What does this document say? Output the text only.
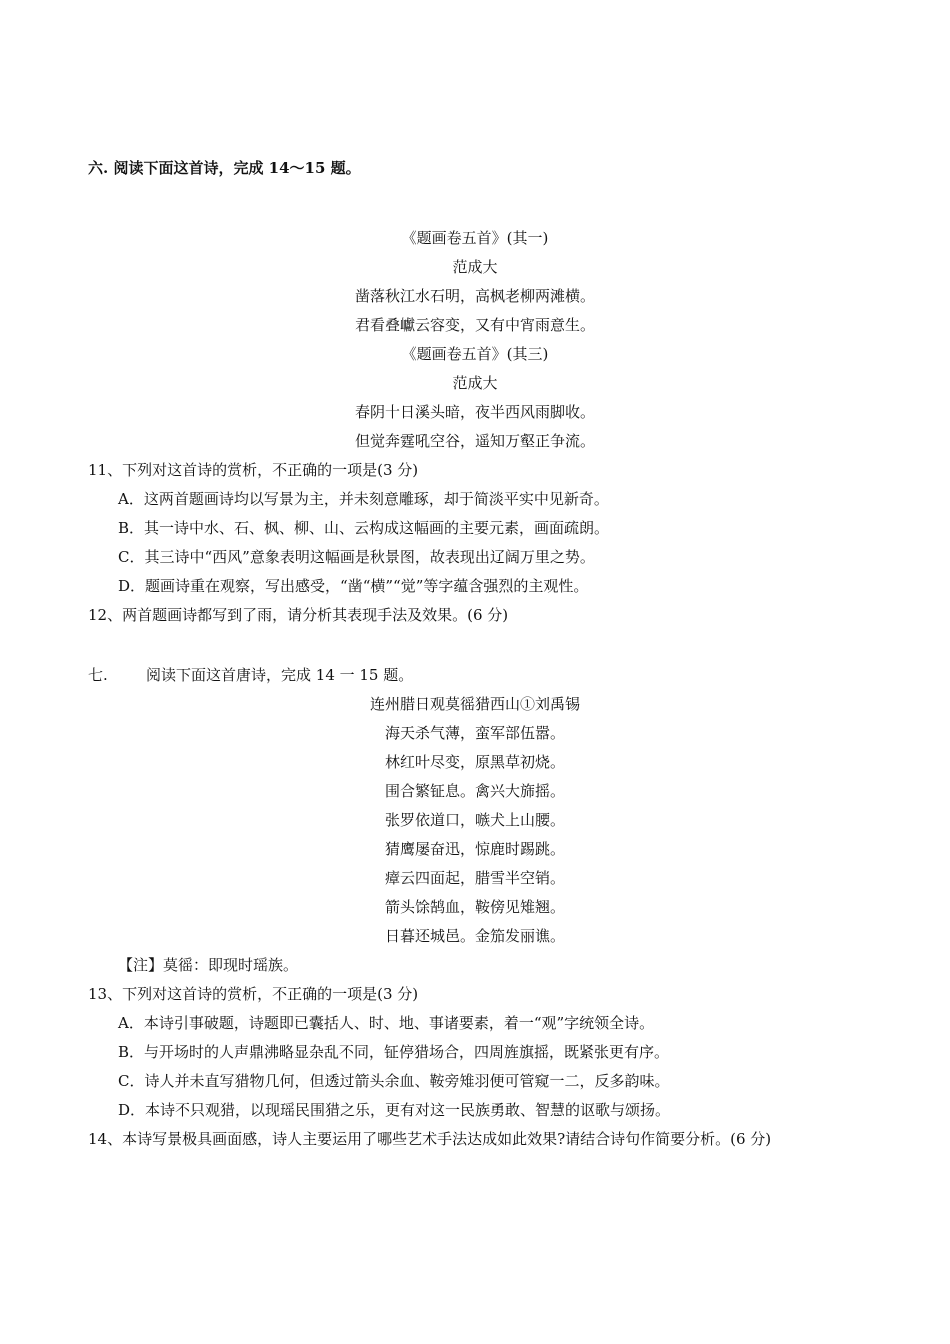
六. 阅读下面这首诗，完成 14～15 题。
《题画卷五首》(其一)
范成大
凿落秋江水石明，高枫老柳两滩横。
君看叠巘云容变，又有中宵雨意生。
《题画卷五首》(其三)
范成大
春阴十日溪头暗，夜半西风雨脚收。
但觉奔霆吼空谷，遥知万壑正争流。
11、下列对这首诗的赏析，不正确的一项是(3 分)
A．这两首题画诗均以写景为主，并未刻意雕琢，却于简淡平实中见新奇。
B．其一诗中水、石、枫、柳、山、云构成这幅画的主要元素，画面疏朗。
C．其三诗中“西风”意象表明这幅画是秋景图，故表现出辽阔万里之势。
D．题画诗重在观察，写出感受，“凿“横”“觉”等字蕴含强烈的主观性。
12、两首题画诗都写到了雨，请分析其表现手法及效果。(6 分)
七.	阅读下面这首唐诗，完成 14 一 15 题。
连州腊日观莫徭猎西山①刘禹锡
海天杀气薄，蛮军部伍嚣。
林红叶尽变，原黑草初烧。
围合繁钲息。禽兴大旆摇。
张罗依道口，嗾犬上山腰。
猜鹰屡奋迅，惊鹿时踢跳。
瘴云四面起，腊雪半空销。
箭头馀鹄血，鞍傍见雉翘。
日暮还城邑。金笳发丽谯。
【注】莫徭：即现时瑶族。
13、下列对这首诗的赏析，不正确的一项是(3 分)
A．本诗引事破题，诗题即已囊括人、时、地、事诸要素，着一“观”字统领全诗。
B．与开场时的人声鼎沸略显杂乱不同，钲停猎场合，四周旌旗摇，既紧张更有序。
C．诗人并未直写猎物几何，但透过箭头余血、鞍旁雉羽便可管窥一二，反多韵味。
D．本诗不只观猎，以现瑶民围猎之乐，更有对这一民族勇敢、智慧的讴歌与颂扬。
14、本诗写景极具画面感，诗人主要运用了哪些艺术手法达成如此效果?请结合诗句作简要分析。(6 分)
